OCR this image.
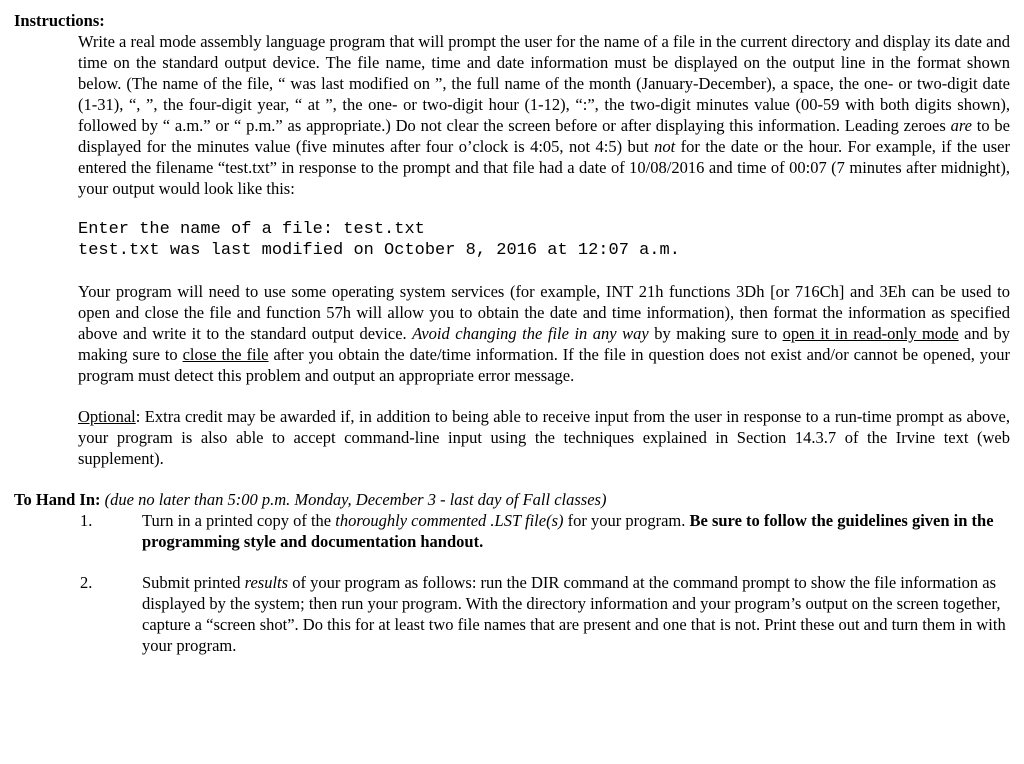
Instructions:

Write a real mode assembly language program that will prompt the user for the name of a file in the current directory and display its date and time on the standard output device. The file name, time and date information must be displayed on the output line in the format shown below. (The name of the file, “ was last modified on ”, the full name of the month (January-December), a space, the one- or two-digit date (1-31), “, ”, the four-digit year, “ at ”, the one- or two-digit hour (1-12), “:”, the two-digit minutes value (00-59 with both digits shown), followed by “ a.m.” or “ p.m.” as appropriate.) Do not clear the screen before or after displaying this information. Leading zeroes are to be displayed for the minutes value (five minutes after four o’clock is 4:05, not 4:5) but not for the date or the hour. For example, if the user entered the filename “test.txt” in response to the prompt and that file had a date of 10/08/2016 and time of 00:07 (7 minutes after midnight), your output would look like this:

Enter the name of a file: test.txt
test.txt was last modified on October 8, 2016 at 12:07 a.m.

Your program will need to use some operating system services (for example, INT 21h functions 3Dh [or 716Ch] and 3Eh can be used to open and close the file and function 57h will allow you to obtain the date and time information), then format the information as specified above and write it to the standard output device. Avoid changing the file in any way by making sure to open it in read-only mode and by making sure to close the file after you obtain the date/time information. If the file in question does not exist and/or cannot be opened, your program must detect this problem and output an appropriate error message.

Optional: Extra credit may be awarded if, in addition to being able to receive input from the user in response to a run-time prompt as above, your program is also able to accept command-line input using the techniques explained in Section 14.3.7 of the Irvine text (web supplement).

To Hand In: (due no later than 5:00 p.m. Monday, December 3 - last day of Fall classes)
1.	Turn in a printed copy of the thoroughly commented .LST file(s) for your program. Be sure to follow the guidelines given in the programming style and documentation handout.
2.	Submit printed results of your program as follows: run the DIR command at the command prompt to show the file information as displayed by the system; then run your program. With the directory information and your program’s output on the screen together, capture a “screen shot”. Do this for at least two file names that are present and one that is not. Print these out and turn them in with your program.
